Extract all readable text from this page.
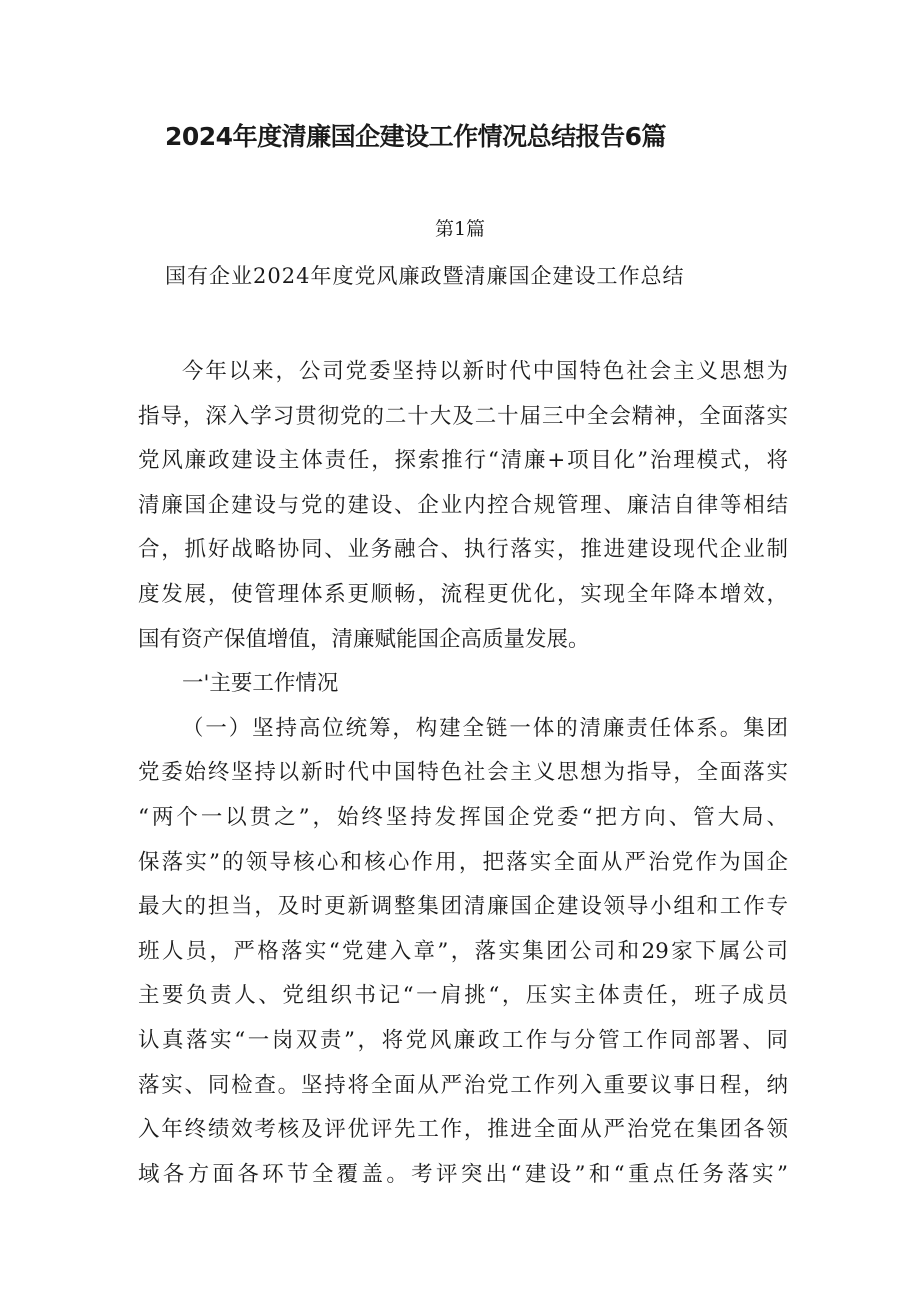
2024年度清廉国企建设工作情况总结报告6篇
第1篇
国有企业2024年度党风廉政暨清廉国企建设工作总结
今年以来，公司党委坚持以新时代中国特色社会主义思想为
指导，深入学习贯彻党的二十大及二十届三中全会精神，全面落实
党风廉政建设主体责任，探索推行“清廉+项目化”治理模式，将
清廉国企建设与党的建设、企业内控合规管理、廉洁自律等相结
合，抓好战略协同、业务融合、执行落实，推进建设现代企业制
度发展，使管理体系更顺畅，流程更优化，实现全年降本增效，
国有资产保值增值，清廉赋能国企高质量发展。
一'主要工作情况
（一）坚持高位统筹，构建全链一体的清廉责任体系。集团
党委始终坚持以新时代中国特色社会主义思想为指导，全面落实
“两个一以贯之”，始终坚持发挥国企党委“把方向、管大局、
保落实”的领导核心和核心作用，把落实全面从严治党作为国企
最大的担当，及时更新调整集团清廉国企建设领导小组和工作专
班人员，严格落实“党建入章”，落实集团公司和29家下属公司
主要负责人、党组织书记“一肩挑“，压实主体责任，班子成员
认真落实“一岗双责”，将党风廉政工作与分管工作同部署、同
落实、同检查。坚持将全面从严治党工作列入重要议事日程，纳
入年终绩效考核及评优评先工作，推进全面从严治党在集团各领
域各方面各环节全覆盖。考评突出“建设”和“重点任务落实”
